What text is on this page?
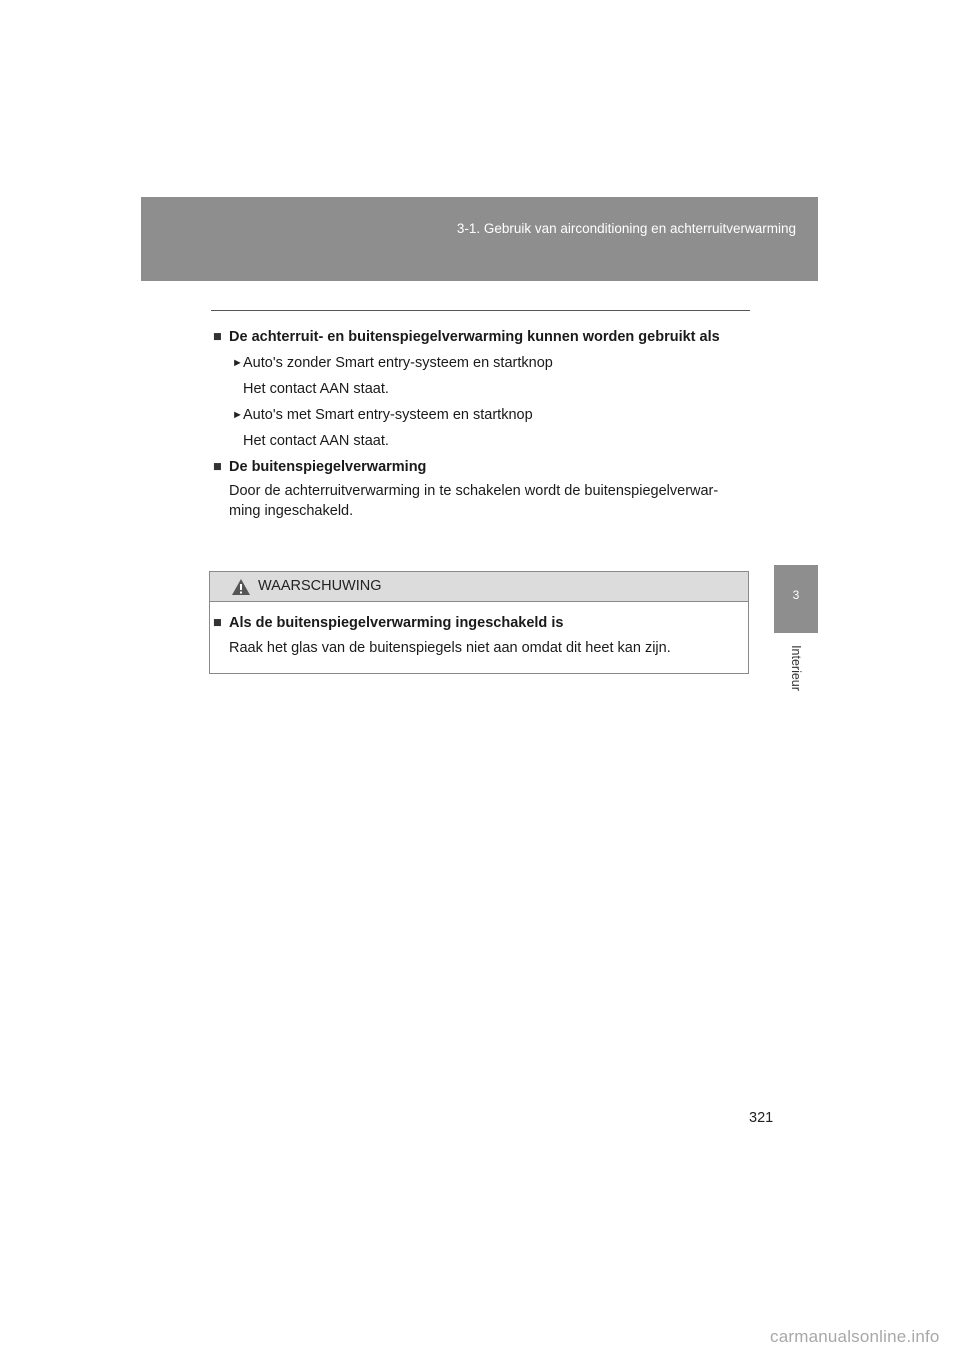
3-1. Gebruik van airconditioning en achterruitverwarming
3
Interieur
■ De achterruit- en buitenspiegelverwarming kunnen worden gebruikt als
► Auto's zonder Smart entry-systeem en startknop
Het contact AAN staat.
► Auto's met Smart entry-systeem en startknop
Het contact AAN staat.
■ De buitenspiegelverwarming
Door de achterruitverwarming in te schakelen wordt de buitenspiegelverwar-ming ingeschakeld.
WAARSCHUWING
■ Als de buitenspiegelverwarming ingeschakeld is
Raak het glas van de buitenspiegels niet aan omdat dit heet kan zijn.
321
carmanualsonline.info
